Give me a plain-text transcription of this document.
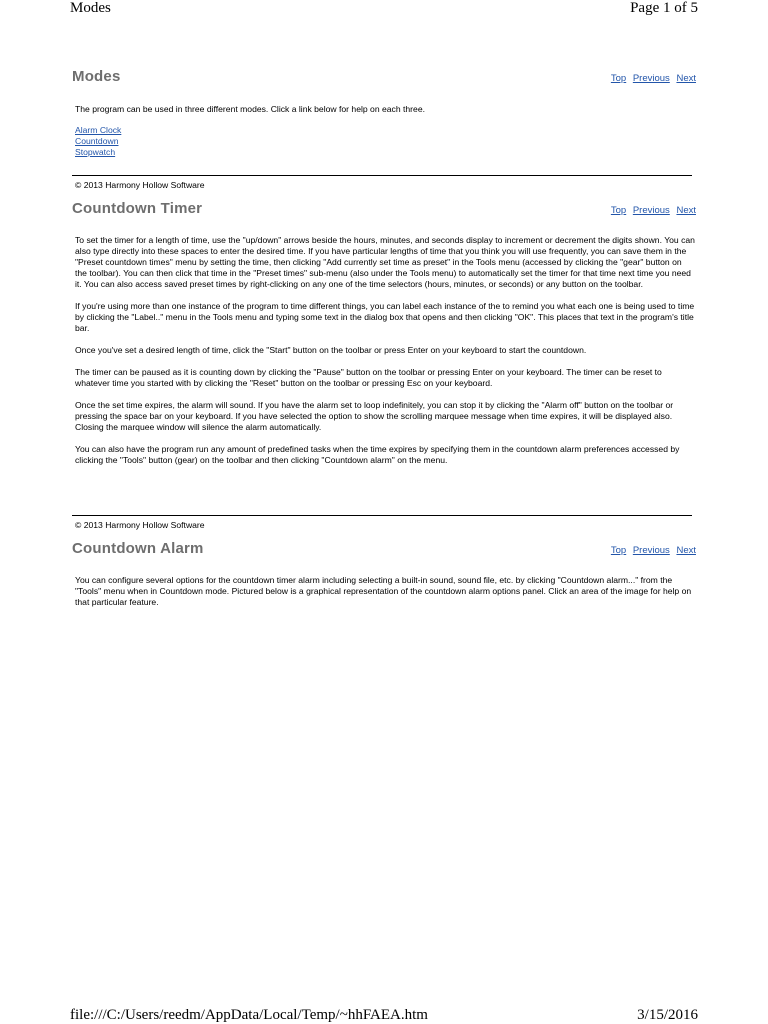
Modes	Page 1 of 5
Modes	Top Previous Next

The program can be used in three different modes. Click a link below for help on each three.

Alarm Clock
Countdown
Stopwatch
© 2013 Harmony Hollow Software
Countdown Timer	Top Previous Next

To set the timer for a length of time, use the "up/down" arrows beside the hours, minutes, and seconds display to increment or decrement the digits shown. You can also type directly into these spaces to enter the desired time. If you have particular lengths of time that you think you will use frequently, you can save them in the "Preset countdown times" menu by setting the time, then clicking "Add currently set time as preset" in the Tools menu (accessed by clicking the "gear" button on the toolbar). You can then click that time in the "Preset times" sub-menu (also under the Tools menu) to automatically set the timer for that time next time you need it. You can also access saved preset times by right-clicking on any one of the time selectors (hours, minutes, or seconds) or any button on the toolbar.

If you're using more than one instance of the program to time different things, you can label each instance of the to remind you what each one is being used to time by clicking the "Label.." menu in the Tools menu and typing some text in the dialog box that opens and then clicking "OK". This places that text in the program's title bar.

Once you've set a desired length of time, click the "Start" button on the toolbar or press Enter on your keyboard to start the countdown.

The timer can be paused as it is counting down by clicking the "Pause" button on the toolbar or pressing Enter on your keyboard. The timer can be reset to whatever time you started with by clicking the "Reset" button on the toolbar or pressing Esc on your keyboard.

Once the set time expires, the alarm will sound. If you have the alarm set to loop indefinitely, you can stop it by clicking the "Alarm off" button on the toolbar or pressing the space bar on your keyboard. If you have selected the option to show the scrolling marquee message when time expires, it will be displayed also. Closing the marquee window will silence the alarm automatically.

You can also have the program run any amount of predefined tasks when the time expires by specifying them in the countdown alarm preferences accessed by clicking the "Tools" button (gear) on the toolbar and then clicking "Countdown alarm" on the menu.

© 2013 Harmony Hollow Software
Countdown Alarm	Top Previous Next

You can configure several options for the countdown timer alarm including selecting a built-in sound, sound file, etc. by clicking "Countdown alarm..." from the "Tools" menu when in Countdown mode. Pictured below is a graphical representation of the countdown alarm options panel. Click an area of the image for help on that particular feature.

file:///C:/Users/reedm/AppData/Local/Temp/~hhFAEA.htm	3/15/2016
